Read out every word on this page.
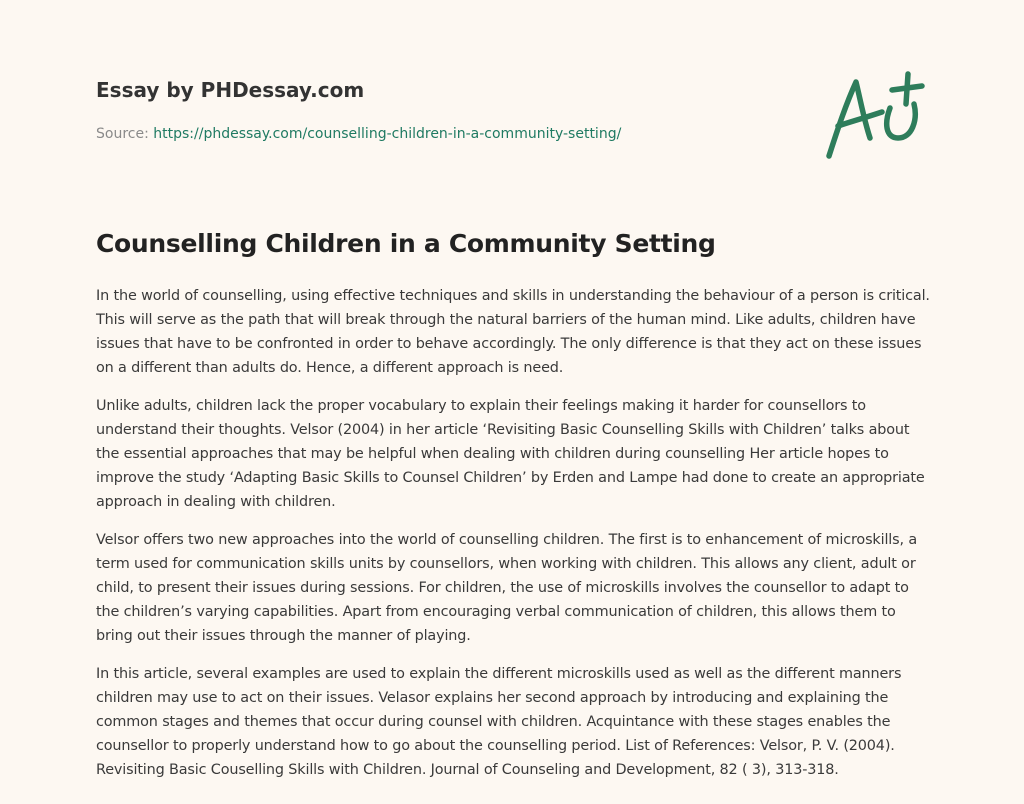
Essay by PHDessay.com
Source: https://phdessay.com/counselling-children-in-a-community-setting/
Counselling Children in a Community Setting

In the world of counselling, using effective techniques and skills in understanding the behaviour of a person is critical. This will serve as the path that will break through the natural barriers of the human mind. Like adults, children have issues that have to be confronted in order to behave accordingly. The only difference is that they act on these issues on a different than adults do. Hence, a different approach is need.

Unlike adults, children lack the proper vocabulary to explain their feelings making it harder for counsellors to understand their thoughts. Velsor (2004) in her article ‘Revisiting Basic Counselling Skills with Children’ talks about the essential approaches that may be helpful when dealing with children during counselling Her article hopes to improve the study ‘Adapting Basic Skills to Counsel Children’ by Erden and Lampe had done to create an appropriate approach in dealing with children.

Velsor offers two new approaches into the world of counselling children. The first is to enhancement of microskills, a term used for communication skills units by counsellors, when working with children. This allows any client, adult or child, to present their issues during sessions. For children, the use of microskills involves the counsellor to adapt to the children’s varying capabilities. Apart from encouraging verbal communication of children, this allows them to bring out their issues through the manner of playing.

In this article, several examples are used to explain the different microskills used as well as the different manners children may use to act on their issues. Velasor explains her second approach by introducing and explaining the common stages and themes that occur during counsel with children. Acquintance with these stages enables the counsellor to properly understand how to go about the counselling period. List of References: Velsor, P. V. (2004). Revisiting Basic Couselling Skills with Children. Journal of Counseling and Development, 82 ( 3), 313-318.
